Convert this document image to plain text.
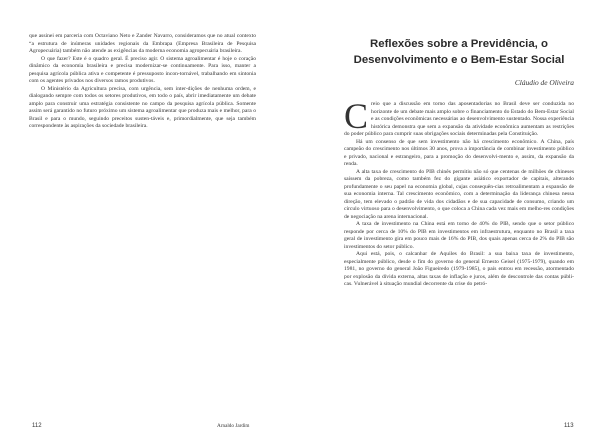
que assinei em parceria com Octaviano Neto e Zander Navarro, consideramos que no atual contexto “a estrutura de inúmeras unidades regionais da Embrapa (Empresa Brasileira de Pesquisa Agropecuária) também não atende as exigências da moderna economia agropecuária brasileira.

O que fazer? Este é o quadro geral. É preciso agir. O sistema agroalimentar é hoje o coração dinâmico da economia brasileira e precisa modernizar-se continuamente. Para isso, manter a pesquisa agrícola pública ativa e competente é pressuposto incon-tornável, trabalhando em sintonia com os agentes privados nos diversos ramos produtivos.

O Ministério da Agricultura precisa, com urgência, sem inter-dições de nenhuma ordem, e dialogando sempre com todos os setores produtivos, em todo o país, abrir imediatamente um debate amplo para construir uma estratégia consistente no campo da pesquisa agrícola pública. Somente assim será garantido no futuro próximo um sistema agroalimentar que produza mais e melhor, para o Brasil e para o mundo, seguindo preceitos susten-táveis e, primordialmente, que seja também correspondente às aspirações da sociedade brasileira.

112	Arnaldo Jardim
Reflexões sobre a Previdência, o Desenvolvimento e o Bem-Estar Social
Cláudio de Oliveira

Creio que a discussão em torno das aposentadorias no Brasil deve ser conduzida no horizonte de um debate mais amplo sobre o financiamento do Estado do Bem-Estar Social e as condições econômicas necessárias ao desenvolvimento sustentado. Nossa experiência histórica demonstra que sem a expansão da atividade econômica aumentam as restrições do poder público para cumprir suas obrigações sociais determinadas pela Constituição.

Há um consenso de que sem investimento não há crescimento econômico. A China, país campeão do crescimento nos últimos 30 anos, prova a importância de combinar investimento público e privado, nacional e estrangeiro, para a promoção do desenvolvi-mento e, assim, da expansão da renda.

A alta taxa de crescimento do PIB chinês permitiu não só que centenas de milhões de chineses saíssem da pobreza, como também fez do gigante asiático exportador de capitais, alterando profundamente o seu papel na economia global, cujas consequên-cias retroalimentam a expansão de sua economia interna. Tal crescimento econômico, com a determinação da liderança chinesa nessa direção, tem elevado o padrão de vida dos cidadãos e de sua capacidade de consumo, criando um círculo virtuoso para o desenvolvimento, o que coloca a China cada vez mais em melho-res condições de negociação na arena internacional.

A taxa de investimento na China está em torno de 40% do PIB, sendo que o setor público responde por cerca de 10% do PIB em investimentos em infraestrutura, enquanto no Brasil a taxa geral de investimento gira em pouco mais de 16% do PIB, dos quais apenas cerca de 2% do PIB são investimentos do setor público.

Aqui está, pois, o calcanhar de Aquiles do Brasil: a sua baixa taxa de investimento, especialmente público, desde o fim do governo do general Ernesto Geisel (1975-1979), quando em 1981, no governo do general João Figueiredo (1979-1985), o país entrou em recessão, atormentado por explosão da dívida externa, altas taxas de inflação e juros, além de descontrole das contas públi-cas. Vulnerável à situação mundial decorrente da crise do petró-

113
